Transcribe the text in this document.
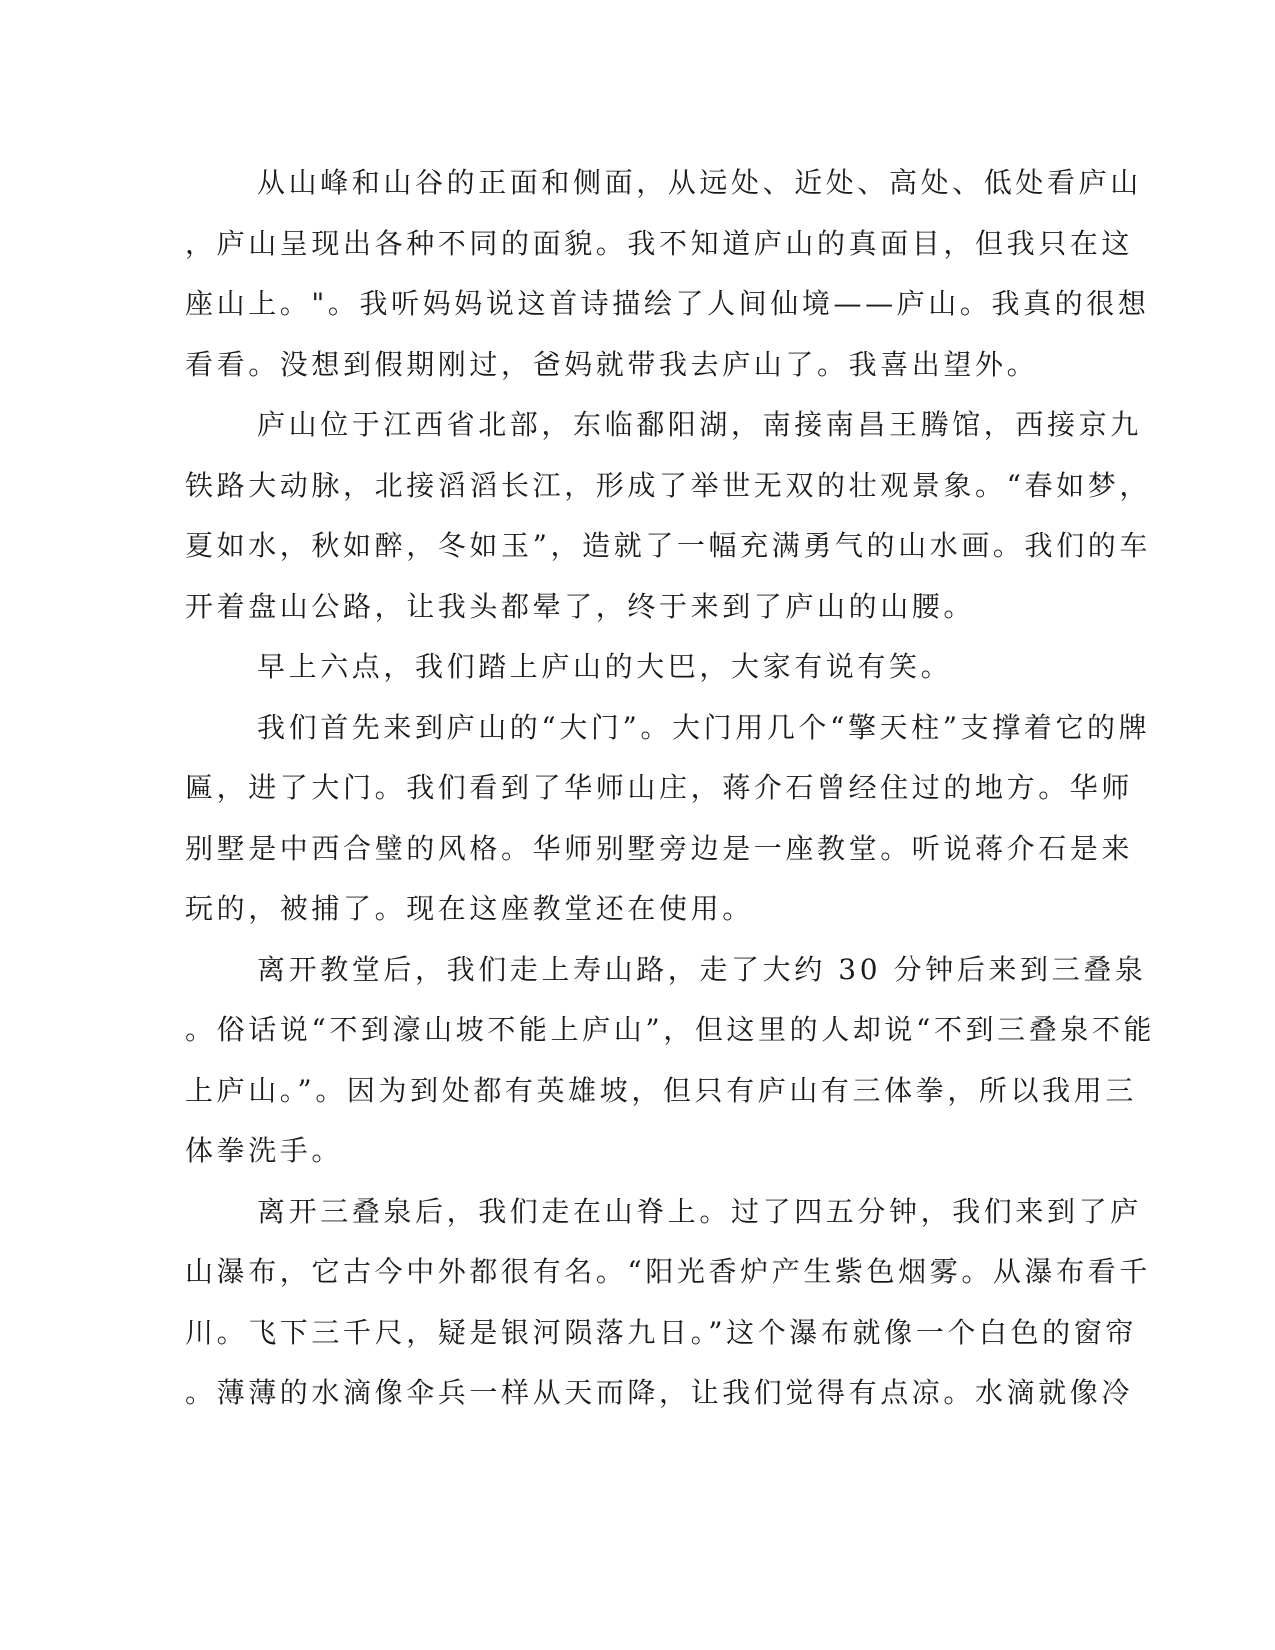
从山峰和山谷的正面和侧面，从远处、近处、高处、低处看庐山
，庐山呈现出各种不同的面貌。我不知道庐山的真面目，但我只在这
座山上。"。我听妈妈说这首诗描绘了人间仙境——庐山。我真的很想
看看。没想到假期刚过，爸妈就带我去庐山了。我喜出望外。
庐山位于江西省北部，东临鄱阳湖，南接南昌王腾馆，西接京九
铁路大动脉，北接滔滔长江，形成了举世无双的壮观景象。“春如梦，
夏如水，秋如醉，冬如玉”，造就了一幅充满勇气的山水画。我们的车
开着盘山公路，让我头都晕了，终于来到了庐山的山腰。
早上六点，我们踏上庐山的大巴，大家有说有笑。
我们首先来到庐山的“大门”。大门用几个“擎天柱”支撑着它的牌
匾，进了大门。我们看到了华师山庄，蒋介石曾经住过的地方。华师
别墅是中西合璧的风格。华师别墅旁边是一座教堂。听说蒋介石是来
玩的，被捕了。现在这座教堂还在使用。
离开教堂后，我们走上寿山路，走了大约 30 分钟后来到三叠泉
。俗话说“不到濠山坡不能上庐山”，但这里的人却说“不到三叠泉不能
上庐山。”。因为到处都有英雄坡，但只有庐山有三体拳，所以我用三
体拳洗手。
离开三叠泉后，我们走在山脊上。过了四五分钟，我们来到了庐
山瀑布，它古今中外都很有名。“阳光香炉产生紫色烟雾。从瀑布看千
川。飞下三千尺，疑是银河陨落九日。”这个瀑布就像一个白色的窗帘
。薄薄的水滴像伞兵一样从天而降，让我们觉得有点凉。水滴就像冷
